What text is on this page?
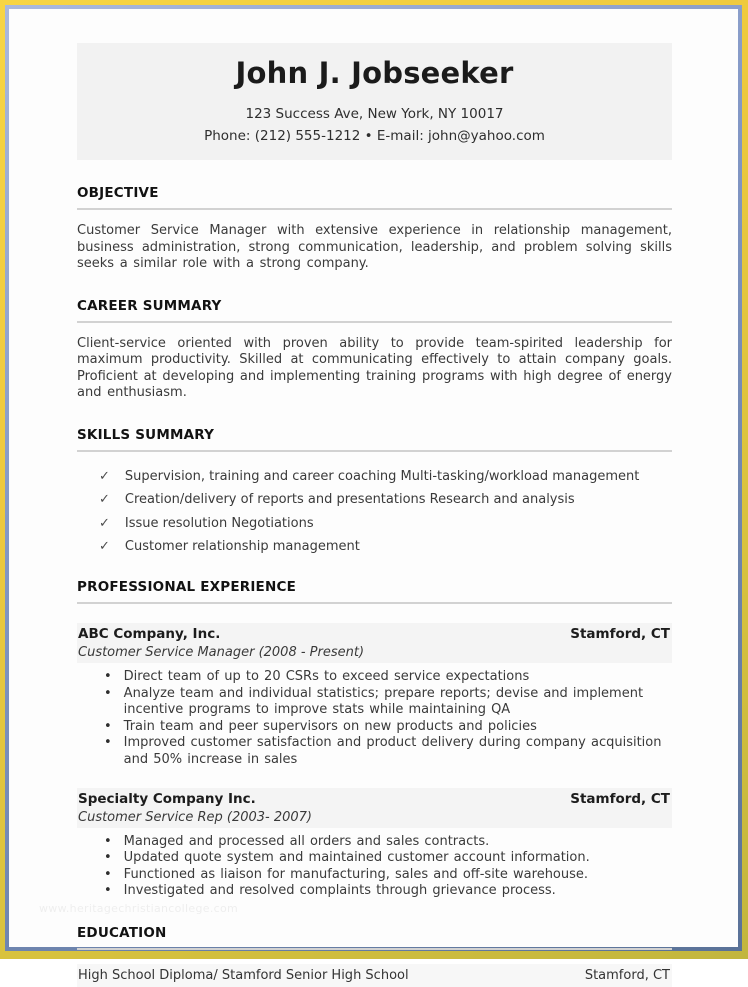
John J. Jobseeker
123 Success Ave, New York, NY 10017
Phone: (212) 555-1212 • E-mail: john@yahoo.com
OBJECTIVE

Customer Service Manager with extensive experience in relationship management, business administration, strong communication, leadership, and problem solving skills seeks a similar role with a strong company.

CAREER SUMMARY

Client-service oriented with proven ability to provide team-spirited leadership for maximum productivity. Skilled at communicating effectively to attain company goals. Proficient at developing and implementing training programs with high degree of energy and enthusiasm.

SKILLS SUMMARY
✓ Supervision, training and career coaching Multi-tasking/workload management
✓ Creation/delivery of reports and presentations Research and analysis
✓ Issue resolution Negotiations
✓ Customer relationship management
PROFESSIONAL EXPERIENCE
ABC Company, Inc.	Stamford, CT
Customer Service Manager (2008 - Present)
• Direct team of up to 20 CSRs to exceed service expectations
• Analyze team and individual statistics; prepare reports; devise and implement incentive programs to improve stats while maintaining QA
• Train team and peer supervisors on new products and policies
• Improved customer satisfaction and product delivery during company acquisition and 50% increase in sales
Specialty Company Inc.	Stamford, CT
Customer Service Rep (2003- 2007)
• Managed and processed all orders and sales contracts.
• Updated quote system and maintained customer account information.
• Functioned as liaison for manufacturing, sales and off-site warehouse.
• Investigated and resolved complaints through grievance process.
EDUCATION
High School Diploma/ Stamford Senior High School	Stamford, CT
www.heritagechristiancollege.com
